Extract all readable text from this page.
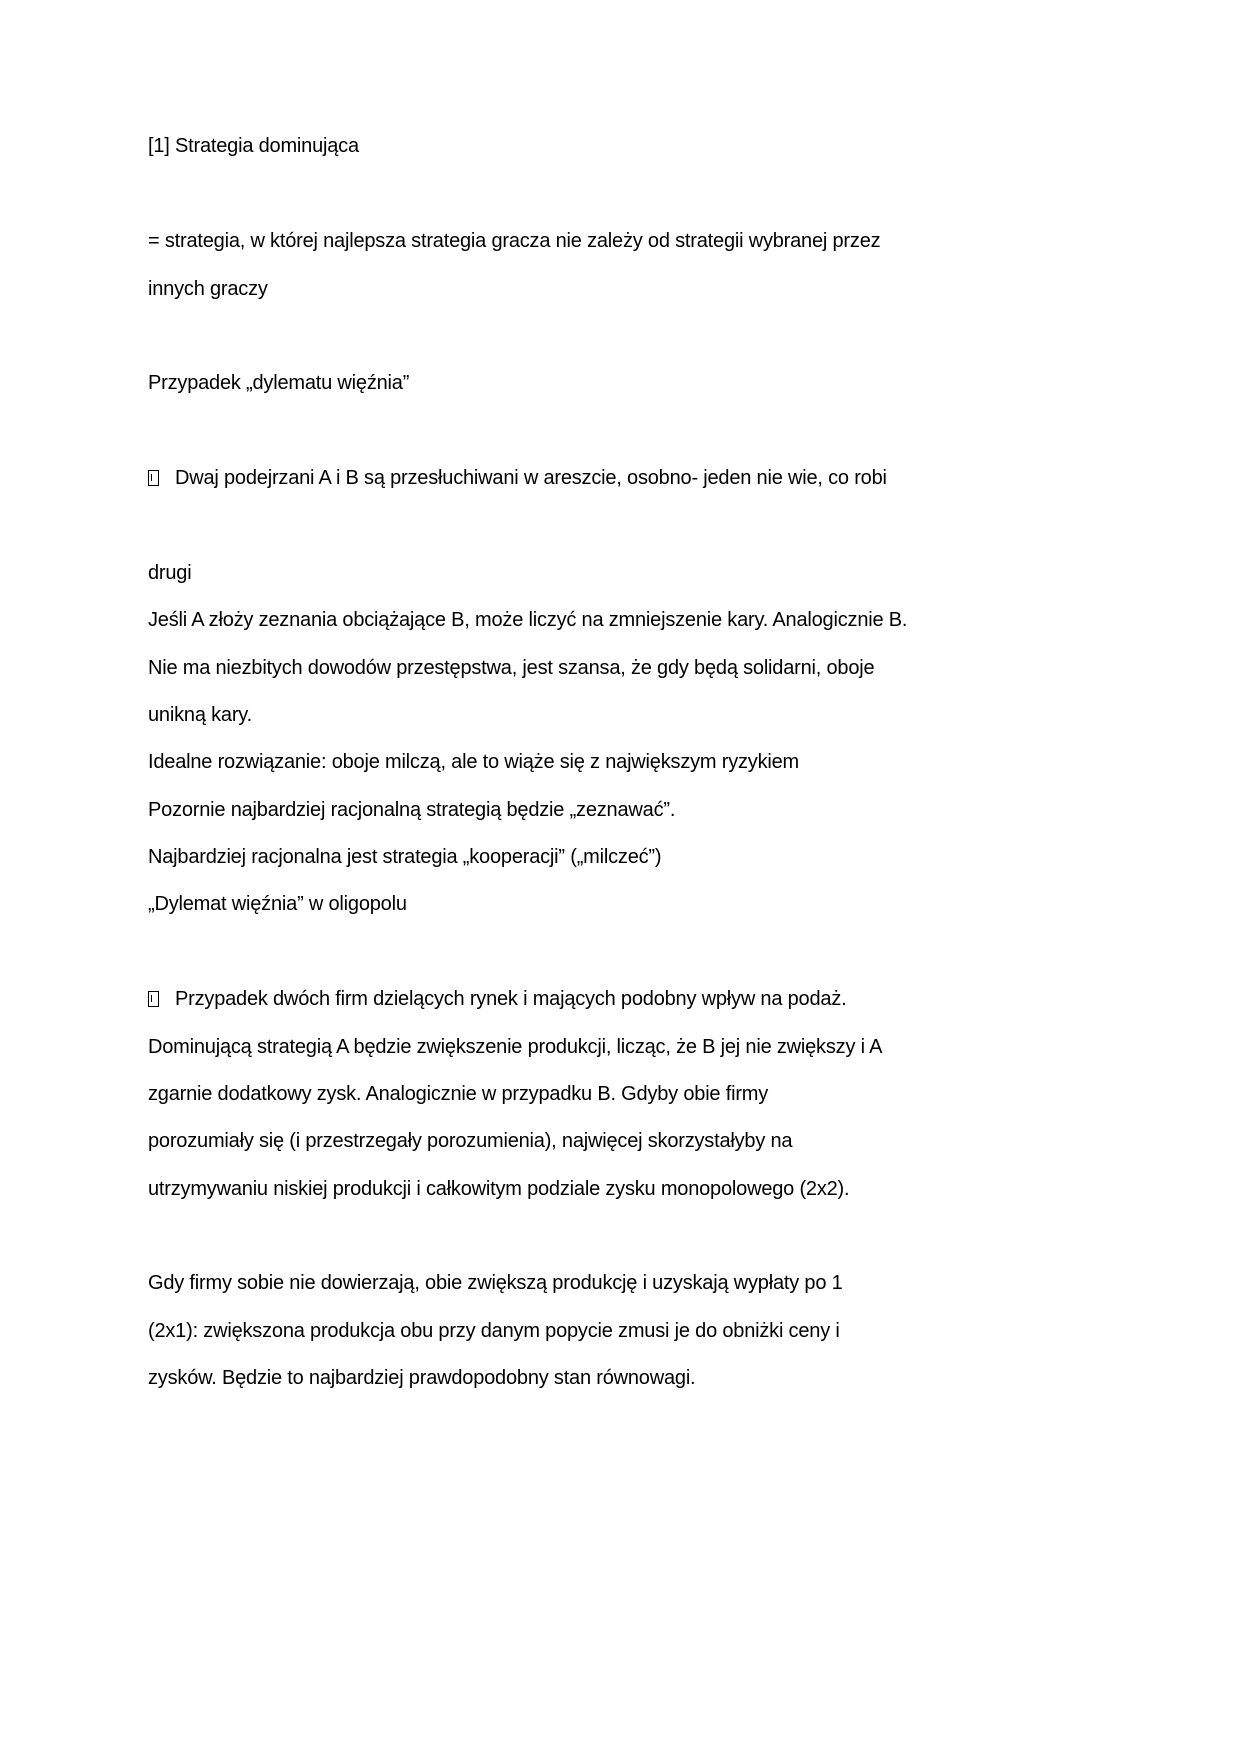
[1] Strategia dominująca
= strategia, w której najlepsza strategia gracza nie zależy od strategii wybranej przez
innych graczy
Przypadek „dylematu więźnia”
Dwaj podejrzani A i B są przesłuchiwani w areszcie, osobno- jeden nie wie, co robi
drugi
Jeśli A złoży zeznania obciążające B, może liczyć na zmniejszenie kary. Analogicznie B.
Nie ma niezbitych dowodów przestępstwa, jest szansa, że gdy będą solidarni, oboje
unikną kary.
Idealne rozwiązanie: oboje milczą, ale to wiąże się z największym ryzykiem
Pozornie najbardziej racjonalną strategią będzie „zeznawać”.
Najbardziej racjonalna jest strategia „kooperacji” („milczeć”)
„Dylemat więźnia” w oligopolu
Przypadek dwóch firm dzielących rynek i mających podobny wpływ na podaż.
Dominującą strategią A będzie zwiększenie produkcji, licząc, że B jej nie zwiększy i A
zgarnie dodatkowy zysk. Analogicznie w przypadku B. Gdyby obie firmy
porozumiały się (i przestrzegały porozumienia), najwięcej skorzystałyby na
utrzymywaniu niskiej produkcji i całkowitym podziale zysku monopolowego (2x2).
Gdy firmy sobie nie dowierzają, obie zwiększą produkcję i uzyskają wypłaty po 1
(2x1): zwiększona produkcja obu przy danym popycie zmusi je do obniżki ceny i
zysków. Będzie to najbardziej prawdopodobny stan równowagi.
